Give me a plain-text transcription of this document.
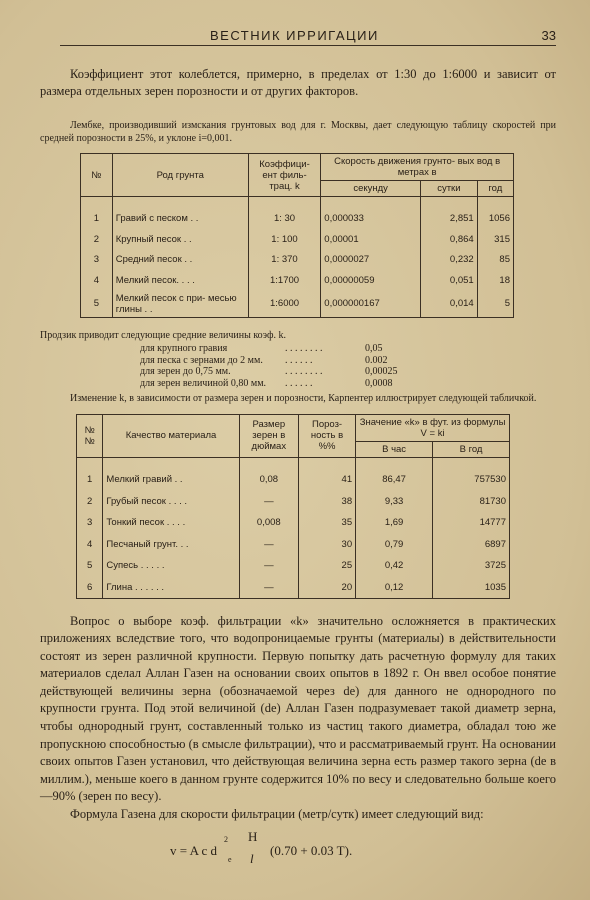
ВЕСТНИК ИРРИГАЦИИ	33

Коэффициент этот колеблется, примерно, в пределах от 1:30 до 1:6000 и зависит от размера отдельных зерен порозности и от других факторов.

Лембке, производивший измскания грунтовых вод для г. Москвы, дает следующую таблицу скоростей при средней порозности в 25%, и уклоне i=0,001.

№	Род грунта	Коэффици- ент филь- трац. k	Скорость движения грунто- вых вод в метрах в		
			секунду	сутки	год

1	Гравий с песком . .	1: 30	0,000033	2,851	1056
2	Крупный песок . .	1: 100	0,00001	0,864	315
3	Средний песок . .	1: 370	0,0000027	0,232	85
4	Мелкий песок. . . .	1:1700	0,00000059	0,051	18
5	Мелкий песок с при- месью глины . .	1:6000	0,000000167	0,014	5

Продзик приводит следующие средние величины коэф. k.

для крупного гравия	. . . . . . . .	0,05
для песка с зернами до 2 мм.	. . . . . .	0.002
для зерен до 0,75 мм.	. . . . . . . .	0,00025
для зерен величиной 0,80 мм.	. . . . . .	0,0008

Изменение k, в зависимости от размера зерен и порозности, Карпентер иллюстрирует следующей табличкой.

№ №	Качество материала	Размер зерен в дюймах	Пороз- ность в %%	Значение «k» в фут. из формулы V = ki	
				В час	В год

1	Мелкий гравий . .	0,08	41	86,47	757530
2	Грубый песок . . . .	—	38	9,33	81730
3	Тонкий песок . . . .	0,008	35	1,69	14777
4	Песчаный грунт. . .	—	30	0,79	6897
5	Супесь . . . . .	—	25	0,42	3725
6	Глина . . . . . .	—	20	0,12	1035

Вопрос о выборе коэф. фильтрации «k» значительно осложняется в практических приложениях вследствие того, что водопроницаемые грунты (материалы) в действительности состоят из зерен различной крупности. Первую попытку дать расчетную формулу для таких материалов сделал Аллан Газен на основании своих опытов в 1892 г. Он ввел особое понятие действующей величины зерна (обозначаемой через dе) для данного не однородного по крупности грунта. Под этой величиной (dе) Аллан Газен подразумевает такой диаметр зерна, чтобы однородный грунт, составленный только из частиц такого диаметра, обладал тою же пропускною способностью (в смысле фильтрации), что и рассматриваемый грунт. На основании своих опытов Газен установил, что действующая величина зерна есть размер такого зерна (dе в миллим.), меньше коего в данном грунте содержится 10% по весу и следовательно больше коего—90% (зерен по весу).

Формула Газена для скорости фильтрации (метр/сутк) имеет следующий вид:

v = A c d
2
е
H
l
(0.70 + 0.03 T).
